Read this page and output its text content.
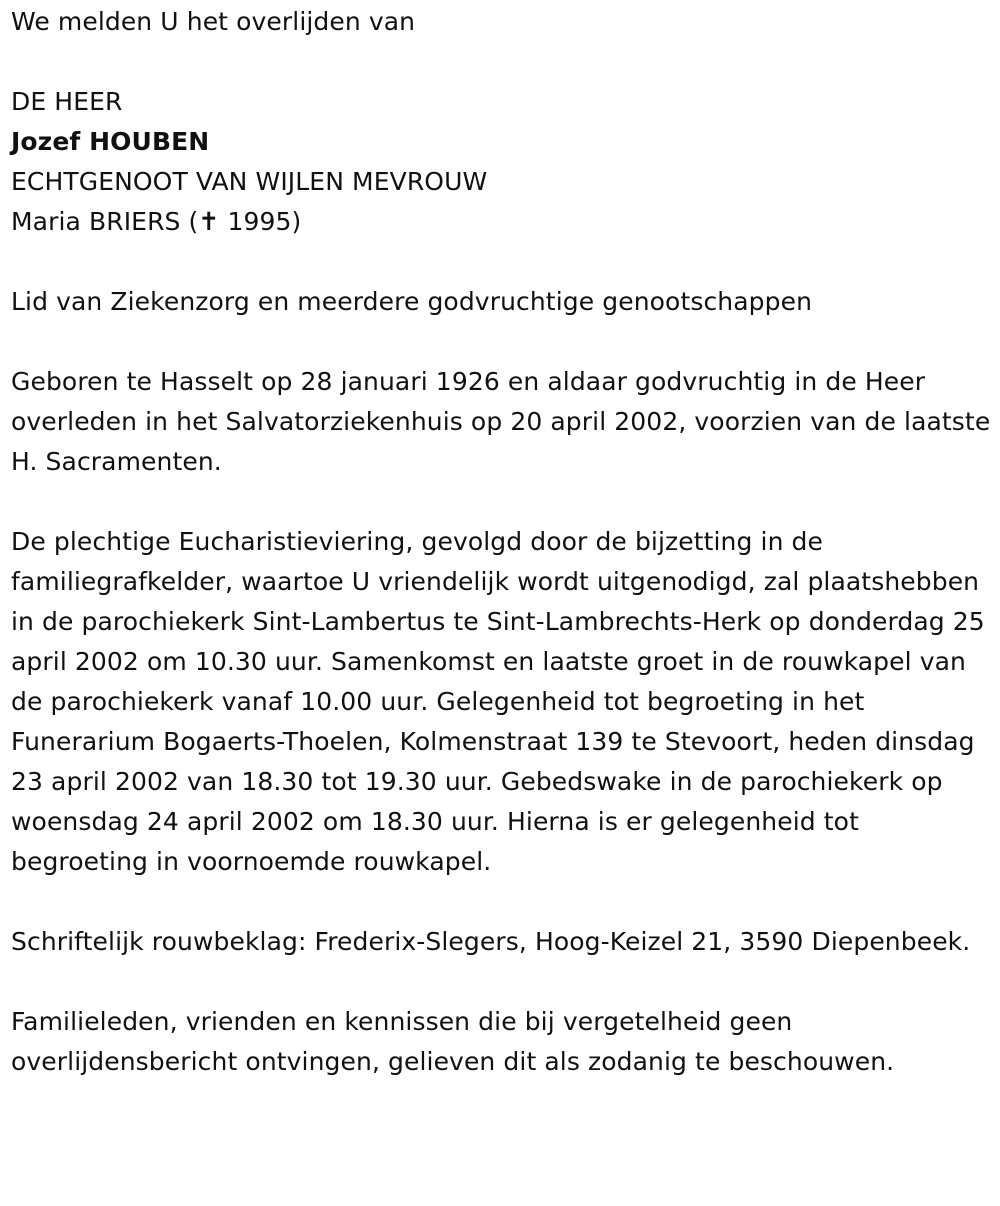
We melden U het overlijden van

DE HEER

Jozef HOUBEN

ECHTGENOOT VAN WIJLEN MEVROUW

Maria BRIERS (✝ 1995)

Lid van Ziekenzorg en meerdere godvruchtige genootschappen

Geboren te Hasselt op 28 januari 1926 en aldaar godvruchtig in de Heer overleden in het Salvatorziekenhuis op 20 april 2002, voorzien van de laatste H. Sacramenten.

De plechtige Eucharistieviering, gevolgd door de bijzetting in de familiegrafkelder, waartoe U vriendelijk wordt uitgenodigd, zal plaatshebben in de parochiekerk Sint-Lambertus te Sint-Lambrechts-Herk op donderdag 25 april 2002 om 10.30 uur. Samenkomst en laatste groet in de rouwkapel van de parochiekerk vanaf 10.00 uur. Gelegenheid tot begroeting in het Funerarium Bogaerts-Thoelen, Kolmenstraat 139 te Stevoort, heden dinsdag 23 april 2002 van 18.30 tot 19.30 uur. Gebedswake in de parochiekerk op woensdag 24 april 2002 om 18.30 uur. Hierna is er gelegenheid tot begroeting in voornoemde rouwkapel.

Schriftelijk rouwbeklag: Frederix-Slegers, Hoog-Keizel 21, 3590 Diepenbeek.

Familieleden, vrienden en kennissen die bij vergetelheid geen overlijdensbericht ontvingen, gelieven dit als zodanig te beschouwen.
